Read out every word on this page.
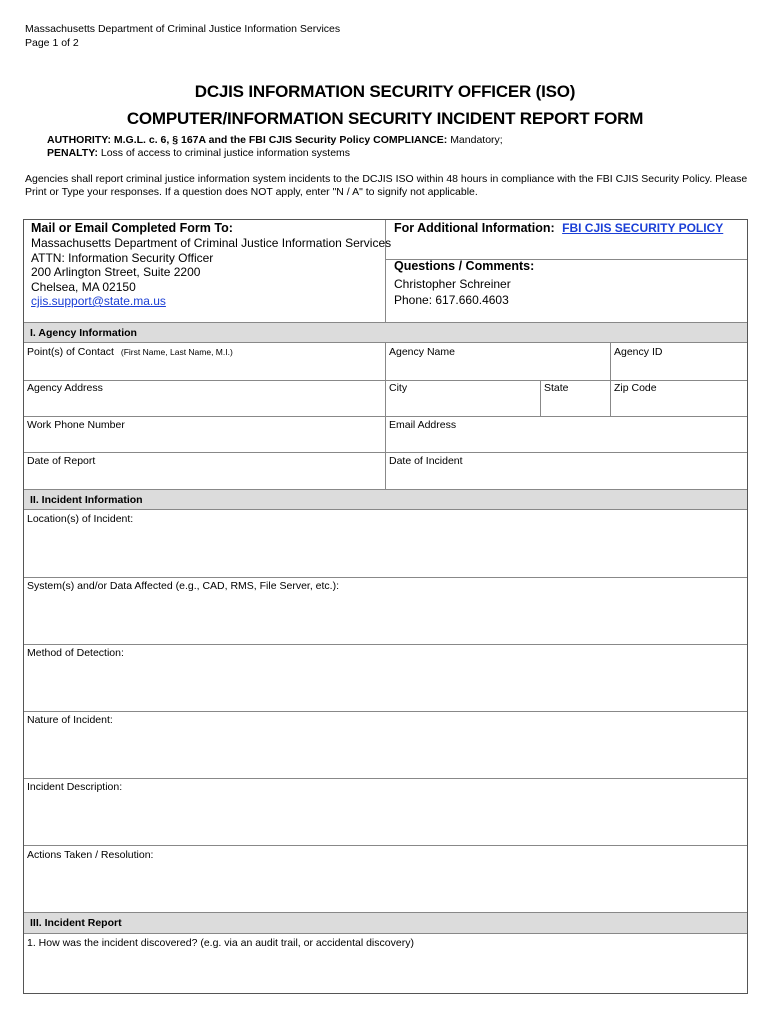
Massachusetts Department of Criminal Justice Information Services
Page 1 of 2
DCJIS INFORMATION SECURITY OFFICER (ISO)
COMPUTER/INFORMATION SECURITY INCIDENT REPORT FORM
AUTHORITY: M.G.L. c. 6, § 167A and the FBI CJIS Security Policy COMPLIANCE: Mandatory;
PENALTY: Loss of access to criminal justice information systems
Agencies shall report criminal justice information system incidents to the DCJIS ISO within 48 hours in compliance with the FBI CJIS Security Policy. Please Print or Type your responses. If a question does NOT apply, enter "N / A" to signify not applicable.
Mail or Email Completed Form To:
Massachusetts Department of Criminal Justice Information Services
ATTN: Information Security Officer
200 Arlington Street, Suite 2200
Chelsea, MA 02150
cjis.support@state.ma.us
For Additional Information: FBI CJIS SECURITY POLICY
Questions / Comments:
Christopher Schreiner
Phone: 617.660.4603
I. Agency Information
Point(s) of Contact (First Name, Last Name, M.I.)	Agency Name	Agency ID
Agency Address	City	State	Zip Code
Work Phone Number	Email Address
Date of Report	Date of Incident
II. Incident Information
Location(s) of Incident:
System(s) and/or Data Affected (e.g., CAD, RMS, File Server, etc.):
Method of Detection:
Nature of Incident:
Incident Description:
Actions Taken / Resolution:
III. Incident Report
1. How was the incident discovered? (e.g. via an audit trail, or accidental discovery)
